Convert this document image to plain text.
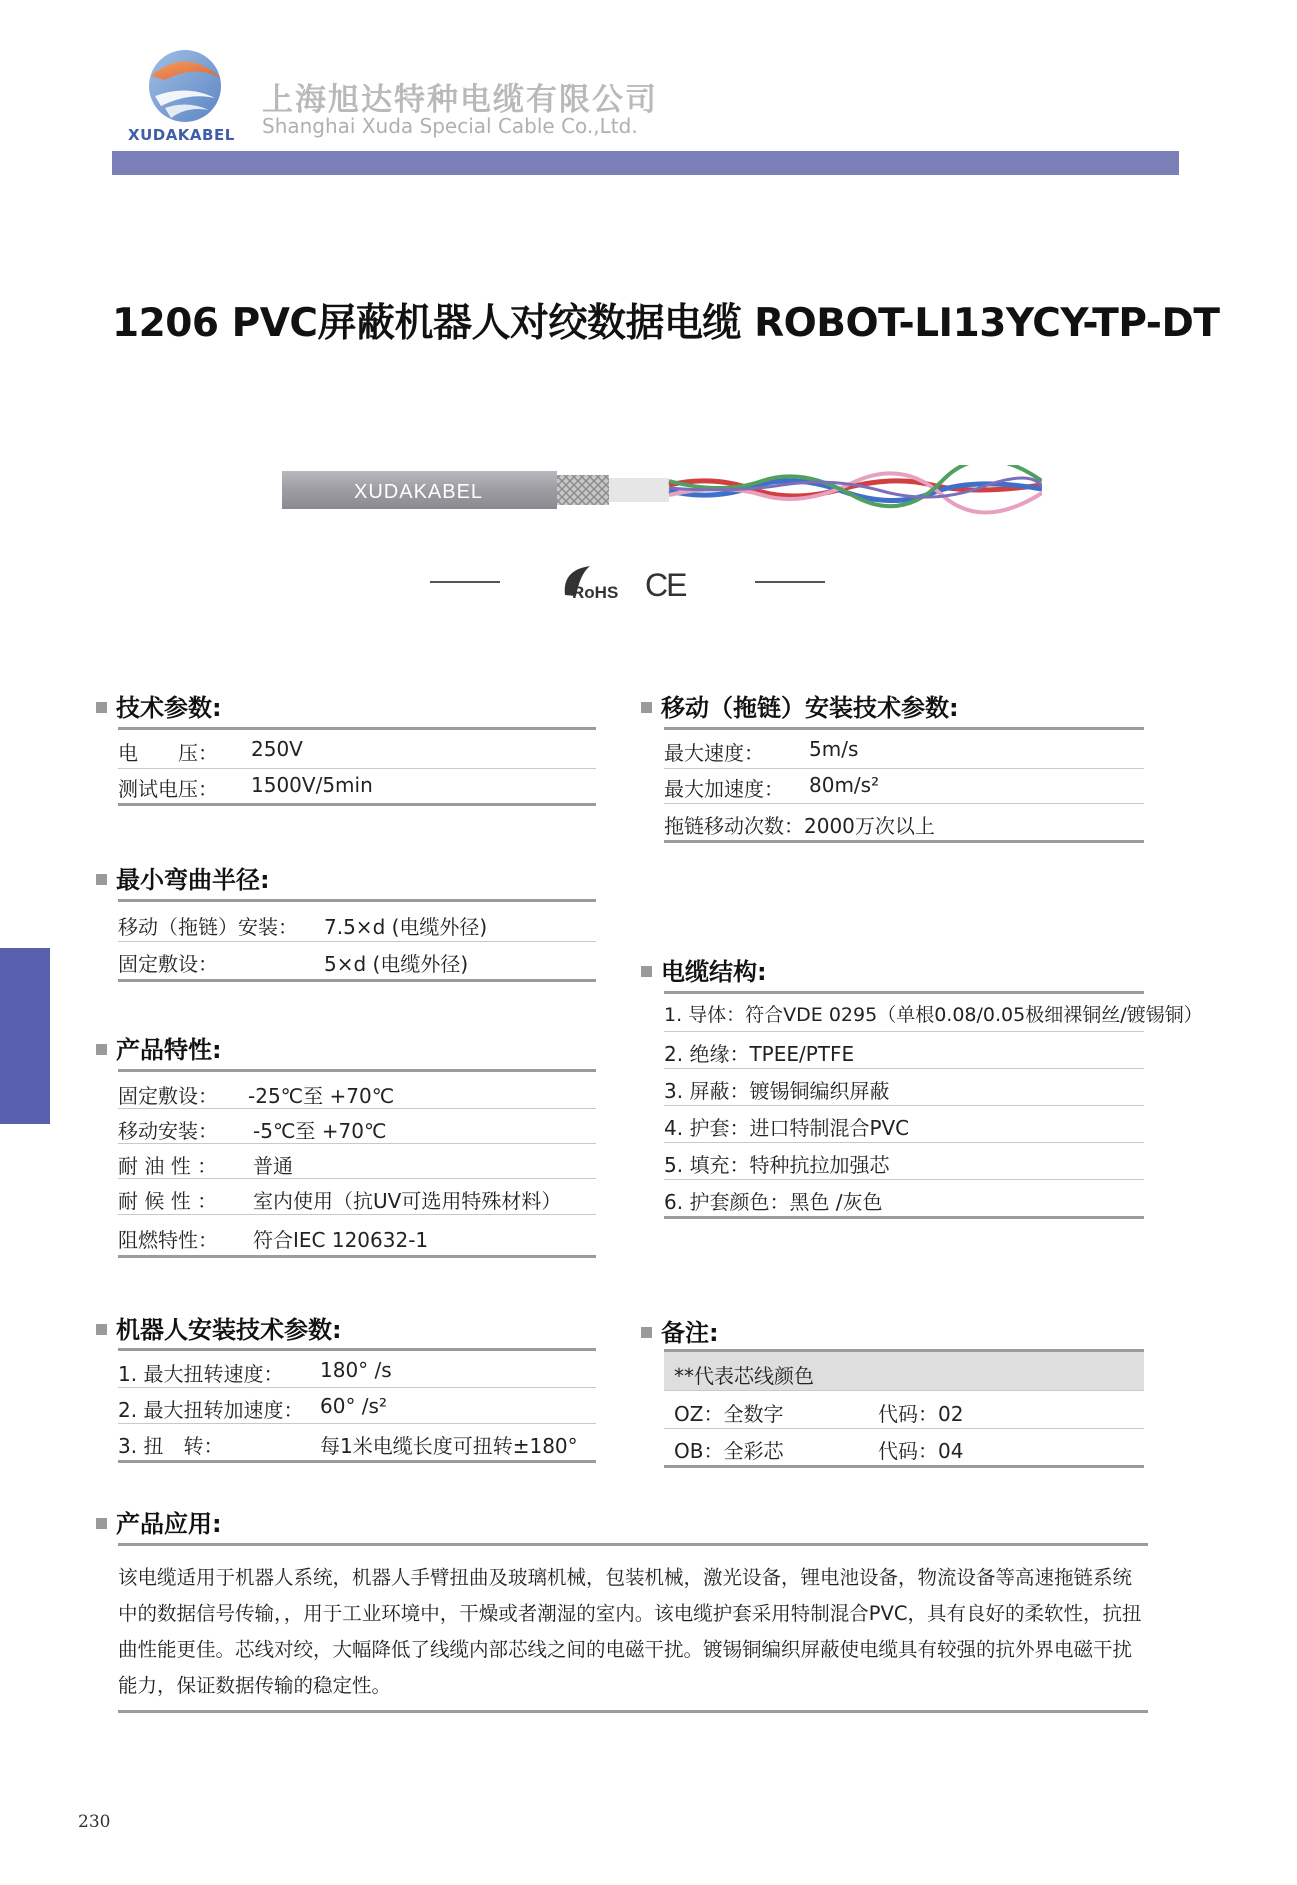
XUDAKABEL
上海旭达特种电缆有限公司
Shanghai Xuda Special Cable Co.,Ltd.
1206 PVC屏蔽机器人对绞数据电缆 ROBOT-LI13YCY-TP-DT
XUDAKABEL
RoHS CE
技术参数:
电　　压： 250V
测试电压： 1500V/5min
最小弯曲半径:
移动（拖链）安装： 7.5×d (电缆外径)
固定敷设：	5×d (电缆外径)
产品特性:
固定敷设： -25℃至 +70℃
移动安装： -5℃至 +70℃
耐 油 性 ： 普通
耐 候 性 ： 室内使用（抗UV可选用特殊材料）
阻燃特性： 符合IEC 120632-1
机器人安装技术参数:
1. 最大扭转速度： 180° /s
2. 最大扭转加速度： 60° /s²
3. 扭　转：	每1米电缆长度可扭转±180°
移动（拖链）安装技术参数:
最大速度： 5m/s
最大加速度： 80m/s²
拖链移动次数： 2000万次以上
电缆结构:
1. 导体：符合VDE 0295（单根0.08/0.05极细裸铜丝/镀锡铜）
2. 绝缘：TPEE/PTFE
3. 屏蔽：镀锡铜编织屏蔽
4. 护套：进口特制混合PVC
5. 填充：特种抗拉加强芯
6. 护套颜色：黑色 /灰色
备注:
**代表芯线颜色
OZ：全数字	代码：02
OB：全彩芯	代码：04
产品应用:
该电缆适用于机器人系统，机器人手臂扭曲及玻璃机械，包装机械，激光设备，锂电池设备，物流设备等高速拖链系统中的数据信号传输，，用于工业环境中，干燥或者潮湿的室内。该电缆护套采用特制混合PVC，具有良好的柔软性，抗扭曲性能更佳。芯线对绞，大幅降低了线缆内部芯线之间的电磁干扰。镀锡铜编织屏蔽使电缆具有较强的抗外界电磁干扰能力，保证数据传输的稳定性。
230
